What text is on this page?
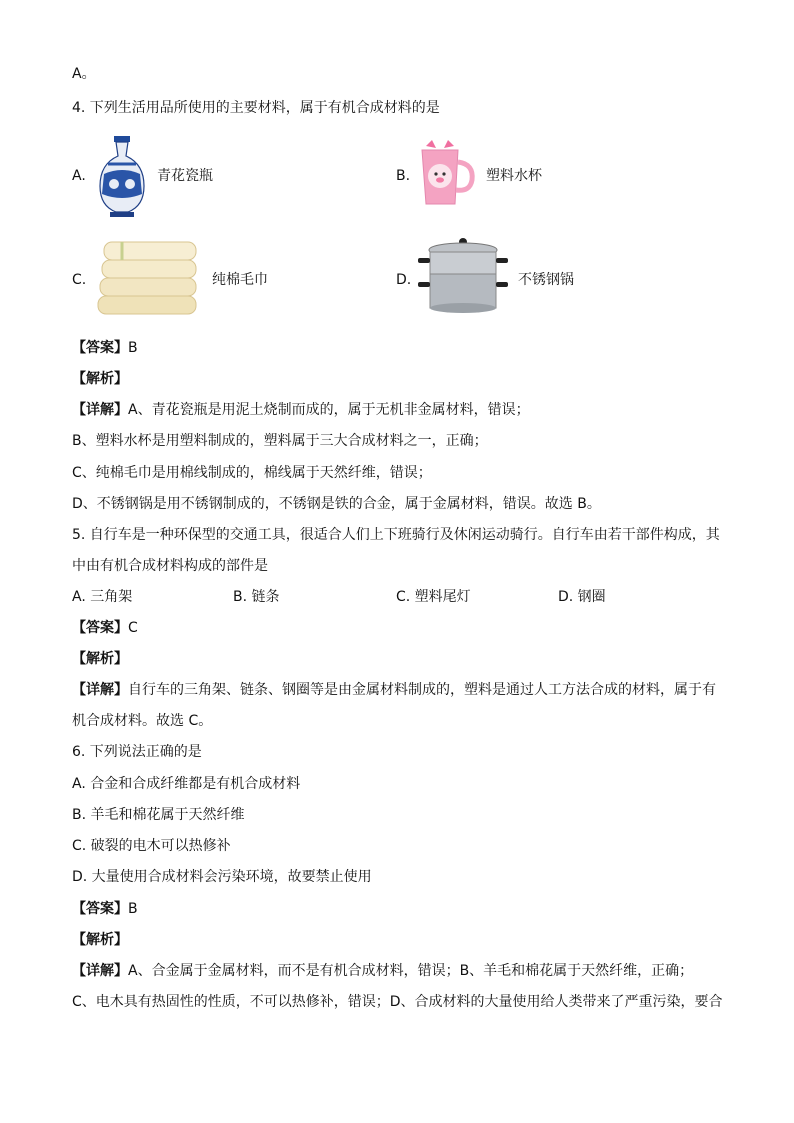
A。
4. 下列生活用品所使用的主要材料，属于有机合成材料的是
A.	青花瓷瓶	B.	塑料水杯
C.	纯棉毛巾	D.	不锈钢锅
【答案】B
【解析】
【详解】A、青花瓷瓶是用泥土烧制而成的，属于无机非金属材料，错误；
B、塑料水杯是用塑料制成的，塑料属于三大合成材料之一，正确；
C、纯棉毛巾是用棉线制成的，棉线属于天然纤维，错误；
D、不锈钢锅是用不锈钢制成的，不锈钢是铁的合金，属于金属材料，错误。故选 B。
5. 自行车是一种环保型的交通工具，很适合人们上下班骑行及休闲运动骑行。自行车由若干部件构成，其
中由有机合成材料构成的部件是
A. 三角架	B. 链条	C. 塑料尾灯	D. 钢圈
【答案】C
【解析】
【详解】自行车的三角架、链条、钢圈等是由金属材料制成的，塑料是通过人工方法合成的材料，属于有
机合成材料。故选 C。
6. 下列说法正确的是
A. 合金和合成纤维都是有机合成材料
B. 羊毛和棉花属于天然纤维
C. 破裂的电木可以热修补
D. 大量使用合成材料会污染环境，故要禁止使用
【答案】B
【解析】
【详解】A、合金属于金属材料，而不是有机合成材料，错误；B、羊毛和棉花属于天然纤维，正确；
C、电木具有热固性的性质，不可以热修补，错误；D、合成材料的大量使用给人类带来了严重污染，要合
